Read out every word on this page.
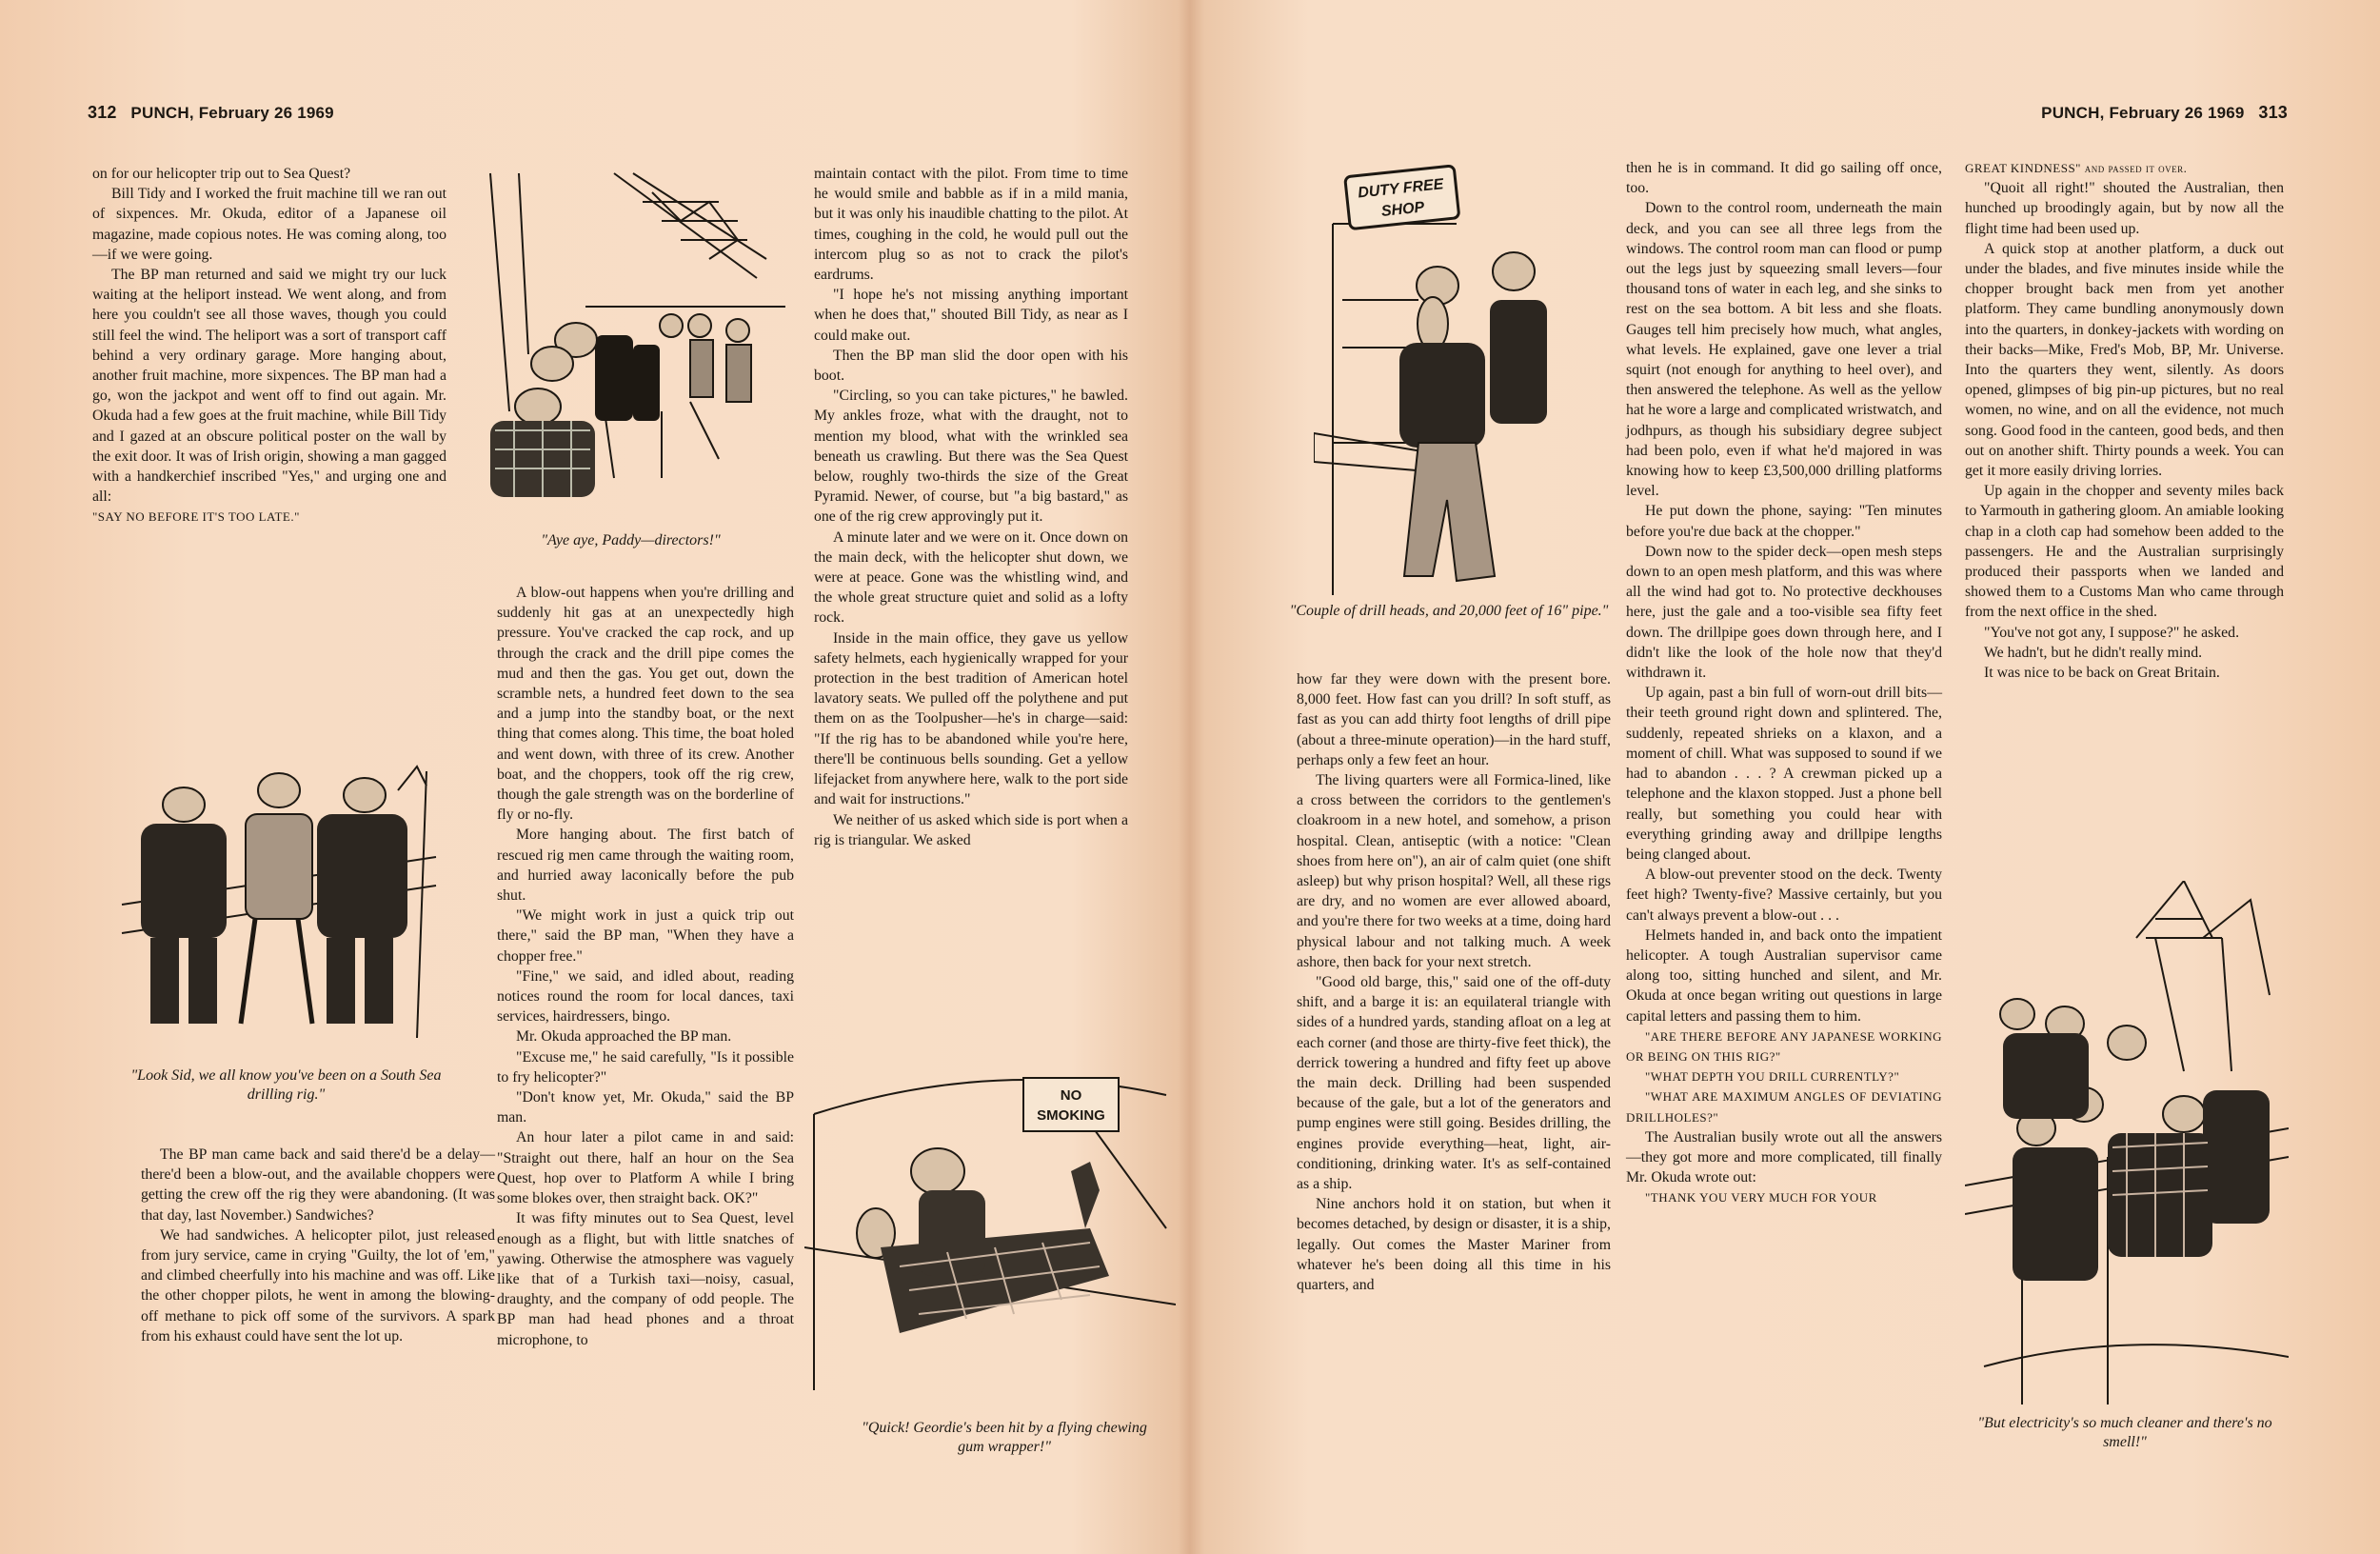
312 PUNCH, February 26 1969

on for our helicopter trip out to Sea Quest?

Bill Tidy and I worked the fruit machine till we ran out of sixpences. Mr. Okuda, editor of a Japanese oil magazine, made copious notes. He was coming along, too —if we were going.

The BP man returned and said we might try our luck waiting at the heliport instead. We went along, and from here you couldn't see all those waves, though you could still feel the wind. The heliport was a sort of transport caff behind a very ordinary garage. More hanging about, another fruit machine, more sixpences. The BP man had a go, won the jackpot and went off to find out again. Mr. Okuda had a few goes at the fruit machine, while Bill Tidy and I gazed at an obscure political poster on the wall by the exit door. It was of Irish origin, showing a man gagged with a handkerchief inscribed "Yes," and urging one and all:

"SAY NO BEFORE IT'S TOO LATE."

"Aye aye, Paddy—directors!"
"Look Sid, we all know you've been on a South Sea drilling rig."

The BP man came back and said there'd be a delay—there'd been a blow-out, and the available choppers were getting the crew off the rig they were abandoning. (It was that day, last November.) Sandwiches?

We had sandwiches. A helicopter pilot, just released from jury service, came in crying "Guilty, the lot of 'em," and climbed cheerfully into his machine and was off. Like the other chopper pilots, he went in among the blowing-off methane to pick off some of the survivors. A spark from his exhaust could have sent the lot up.

A blow-out happens when you're drilling and suddenly hit gas at an unexpectedly high pressure. You've cracked the cap rock, and up through the crack and the drill pipe comes the mud and then the gas. You get out, down the scramble nets, a hundred feet down to the sea and a jump into the standby boat, or the next thing that comes along. This time, the boat holed and went down, with three of its crew. Another boat, and the choppers, took off the rig crew, though the gale strength was on the borderline of fly or no-fly.

More hanging about. The first batch of rescued rig men came through the waiting room, and hurried away laconically before the pub shut.

"We might work in just a quick trip out there," said the BP man, "When they have a chopper free."

"Fine," we said, and idled about, reading notices round the room for local dances, taxi services, hairdressers, bingo.

Mr. Okuda approached the BP man.

"Excuse me," he said carefully, "Is it possible to fry helicopter?"

"Don't know yet, Mr. Okuda," said the BP man.

An hour later a pilot came in and said: "Straight out there, half an hour on the Sea Quest, hop over to Platform A while I bring some blokes over, then straight back. OK?"

It was fifty minutes out to Sea Quest, level enough as a flight, but with little snatches of yawing. Otherwise the atmosphere was vaguely like that of a Turkish taxi—noisy, casual, draughty, and the company of odd people. The BP man had head phones and a throat microphone, to

maintain contact with the pilot. From time to time he would smile and babble as if in a mild mania, but it was only his inaudible chatting to the pilot. At times, coughing in the cold, he would pull out the intercom plug so as not to crack the pilot's eardrums.

"I hope he's not missing anything important when he does that," shouted Bill Tidy, as near as I could make out.

Then the BP man slid the door open with his boot.

"Circling, so you can take pictures," he bawled. My ankles froze, what with the draught, not to mention my blood, what with the wrinkled sea beneath us crawling. But there was the Sea Quest below, roughly two-thirds the size of the Great Pyramid. Newer, of course, but "a big bastard," as one of the rig crew approvingly put it.

A minute later and we were on it. Once down on the main deck, with the helicopter shut down, we were at peace. Gone was the whistling wind, and the whole great structure quiet and solid as a lofty rock.

Inside in the main office, they gave us yellow safety helmets, each hygienically wrapped for your protection in the best tradition of American hotel lavatory seats. We pulled off the polythene and put them on as the Toolpusher—he's in charge—said: "If the rig has to be abandoned while you're here, there'll be continuous bells sounding. Get a yellow lifejacket from anywhere here, walk to the port side and wait for instructions."

We neither of us asked which side is port when a rig is triangular. We asked

NO
SMOKING
"Quick! Geordie's been hit by a flying chewing gum wrapper!"
PUNCH, February 26 1969 313
DUTY FREE
SHOP
"Couple of drill heads, and 20,000 feet of 16" pipe."

how far they were down with the present bore. 8,000 feet. How fast can you drill? In soft stuff, as fast as you can add thirty foot lengths of drill pipe (about a three-minute operation)—in the hard stuff, perhaps only a few feet an hour.

The living quarters were all Formica-lined, like a cross between the corridors to the gentlemen's cloakroom in a new hotel, and somehow, a prison hospital. Clean, antiseptic (with a notice: "Clean shoes from here on"), an air of calm quiet (one shift asleep) but why prison hospital? Well, all these rigs are dry, and no women are ever allowed aboard, and you're there for two weeks at a time, doing hard physical labour and not talking much. A week ashore, then back for your next stretch.

"Good old barge, this," said one of the off-duty shift, and a barge it is: an equilateral triangle with sides of a hundred yards, standing afloat on a leg at each corner (and those are thirty-five feet thick), the derrick towering a hundred and fifty feet up above the main deck. Drilling had been suspended because of the gale, but a lot of the generators and pump engines were still going. Besides drilling, the engines provide everything—heat, light, air-conditioning, drinking water. It's as self-contained as a ship.

Nine anchors hold it on station, but when it becomes detached, by design or disaster, it is a ship, legally. Out comes the Master Mariner from whatever he's been doing all this time in his quarters, and

then he is in command. It did go sailing off once, too.

Down to the control room, underneath the main deck, and you can see all three legs from the windows. The control room man can flood or pump out the legs just by squeezing small levers—four thousand tons of water in each leg, and she sinks to rest on the sea bottom. A bit less and she floats. Gauges tell him precisely how much, what angles, what levels. He explained, gave one lever a trial squirt (not enough for anything to heel over), and then answered the telephone. As well as the yellow hat he wore a large and complicated wristwatch, and jodhpurs, as though his subsidiary degree subject had been polo, even if what he'd majored in was knowing how to keep £3,500,000 drilling platforms level.

He put down the phone, saying: "Ten minutes before you're due back at the chopper."

Down now to the spider deck—open mesh steps down to an open mesh platform, and this was where all the wind had got to. No protective deckhouses here, just the gale and a too-visible sea fifty feet down. The drillpipe goes down through here, and I didn't like the look of the hole now that they'd withdrawn it.

Up again, past a bin full of worn-out drill bits—their teeth ground right down and splintered. The, suddenly, repeated shrieks on a klaxon, and a moment of chill. What was supposed to sound if we had to abandon . . . ? A crewman picked up a telephone and the klaxon stopped. Just a phone bell really, but something you could hear with everything grinding away and drillpipe lengths being clanged about.

A blow-out preventer stood on the deck. Twenty feet high? Twenty-five? Massive certainly, but you can't always prevent a blow-out . . .

Helmets handed in, and back onto the impatient helicopter. A tough Australian supervisor came along too, sitting hunched and silent, and Mr. Okuda at once began writing out questions in large capital letters and passing them to him.

"ARE THERE BEFORE ANY JAPANESE WORKING OR BEING ON THIS RIG?"

"WHAT DEPTH YOU DRILL CURRENTLY?"

"WHAT ARE MAXIMUM ANGLES OF DEVIATING DRILLHOLES?"

The Australian busily wrote out all the answers—they got more and more complicated, till finally Mr. Okuda wrote out:

"THANK YOU VERY MUCH FOR YOUR

GREAT KINDNESS" and passed it over.

"Quoit all right!" shouted the Australian, then hunched up broodingly again, but by now all the flight time had been used up.

A quick stop at another platform, a duck out under the blades, and five minutes inside while the chopper brought back men from yet another platform. They came bundling anonymously down into the quarters, in donkey-jackets with wording on their backs—Mike, Fred's Mob, BP, Mr. Universe. Into the quarters they went, silently. As doors opened, glimpses of big pin-up pictures, but no real women, no wine, and on all the evidence, not much song. Good food in the canteen, good beds, and then out on another shift. Thirty pounds a week. You can get it more easily driving lorries.

Up again in the chopper and seventy miles back to Yarmouth in gathering gloom. An amiable looking chap in a cloth cap had somehow been added to the passengers. He and the Australian surprisingly produced their passports when we landed and showed them to a Customs Man who came through from the next office in the shed.

"You've not got any, I suppose?" he asked.

We hadn't, but he didn't really mind.

It was nice to be back on Great Britain.

"But electricity's so much cleaner and there's no smell!"
